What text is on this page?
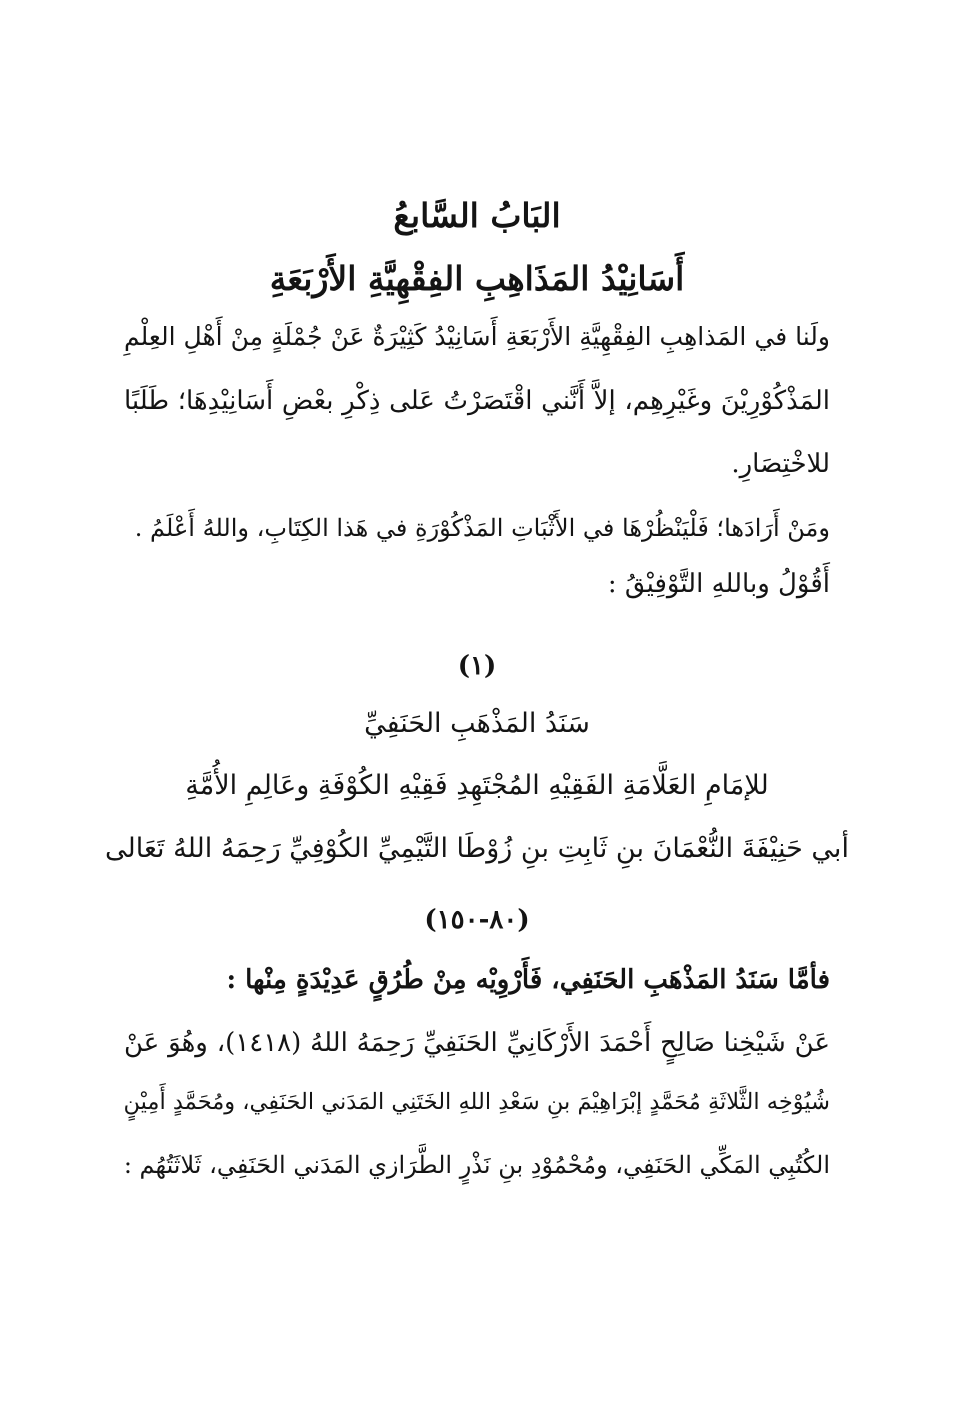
البَابُ السَّابعُ
أَسَانِيْدُ المَذَاهِبِ الفِقْهِيَّةِ الأَرْبَعَةِ
ولَنا في المَذاهِبِ الفِقْهِيَّةِ الأَرْبَعَةِ أَسَانِيْدُ كَثِيْرَةٌ عَنْ جُمْلَةٍ مِنْ أَهْلِ العِلْمِ
المَذْكُوْرِيْنَ وغَيْرِهِم، إلاَّ أَنَّني اقْتَصَرْتُ عَلى ذِكْرِ بعْضِ أَسَانِيْدِهَا؛ طَلَبًا
للاخْتِصَارِ.
ومَنْ أَرَادَها؛ فَلْيَنْظُرْهَا في الأَثْبَاتِ المَذْكُوْرَةِ في هَذا الكِتَابِ، واللهُ أَعْلَمُ .
أَقُوْلُ وباللهِ التَّوْفِيْقُ :
(١)
سَنَدُ المَذْهَبِ الحَنَفِيِّ
للإمَامِ العَلَّامَةِ الفَقِيْهِ المُجْتَهِدِ فَقِيْهِ الكُوْفَةِ وعَالِمِ الأُمَّةِ
أبي حَنِيْفَةَ النُّعْمَانَ بنِ ثَابِتِ بنِ زُوْطَا التَّيْمِيِّ الكُوْفِيِّ رَحِمَهُ اللهُ تَعَالى
(٨٠-١٥٠)
فأمَّا سَنَدُ المَذْهَبِ الحَنَفِي، فَأَرْوِيْه مِنْ طُرُقٍ عَدِيْدَةٍ مِنْها :
عَنْ شَيْخِنا صَالِحٍ أَحْمَدَ الأَرْكَانِيِّ الحَنَفِيِّ رَحِمَهُ اللهُ (١٤١٨)، وهُوَ عَنْ
شُيُوْخِه الثَّلاثَةِ مُحَمَّدٍ إبْرَاهِيْمَ بنِ سَعْدِ اللهِ الخَتَنِي المَدَني الحَنَفِي، ومُحَمَّدٍ أَمِيْنٍ
الكُتُبِي المَكِّي الحَنَفِي، ومُحْمُوْدِ بنِ نَذْرٍ الطَّرَازي المَدَني الحَنَفِي، ثَلاثَتُهُم :
